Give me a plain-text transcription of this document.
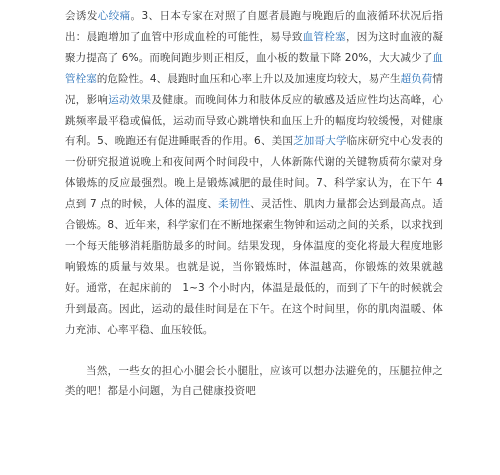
会诱发心绞痛。3、日本专家在对照了自愿者晨跑与晚跑后的血液循环状况后指出：晨跑增加了血管中形成血栓的可能性，易导致血管栓塞，因为这时血液的凝聚力提高了 6%。而晚间跑步则正相反，血小板的数量下降 20%，大大减少了血管栓塞的危险性。4、晨跑时血压和心率上升以及加速度均较大，易产生超负荷情况，影响运动效果及健康。而晚间体力和肢体反应的敏感及适应性均达高峰，心跳频率最平稳或偏低，运动而导致心跳增快和血压上升的幅度均较缓慢，对健康有利。5、晚跑还有促进睡眠香的作用。6、美国芝加哥大学临床研究中心发表的一份研究报道说晚上和夜间两个时间段中，人体新陈代谢的关键物质荷尔蒙对身体锻炼的反应最强烈。晚上是锻炼减肥的最佳时间。7、科学家认为，在下午 4 点到 7 点的时候，人体的温度、柔韧性、灵活性、肌肉力量都会达到最高点。适合锻炼。8、近年来，科学家们在不断地探索生物钟和运动之间的关系，以求找到一个每天能够消耗脂肪最多的时间。结果发现，身体温度的变化将最大程度地影响锻炼的质量与效果。也就是说，当你锻炼时，体温越高，你锻炼的效果就越好。通常，在起床前的　1~3 个小时内，体温是最低的，而到了下午的时候就会升到最高。因此，运动的最佳时间是在下午。在这个时间里，你的肌肉温暖、体力充沛、心率平稳、血压较低。

当然，一些女的担心小腿会长小腿肚，应该可以想办法避免的，压腿拉伸之类的吧！都是小问题，为自己健康投资吧
